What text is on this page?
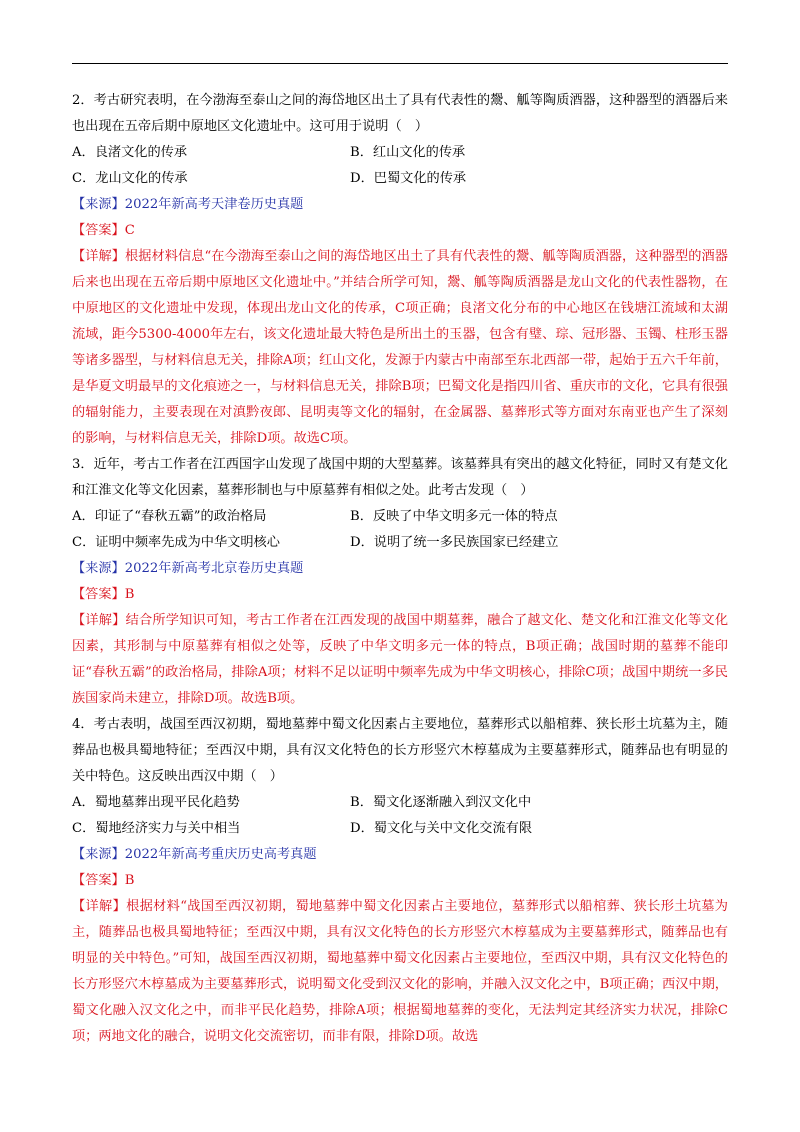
2．考古研究表明，在今渤海至泰山之间的海岱地区出土了具有代表性的鬶、觚等陶质酒器，这种器型的酒器后来也出现在五帝后期中原地区文化遗址中。这可用于说明（　）

A．良渚文化的传承	B．红山文化的传承
C．龙山文化的传承	D．巴蜀文化的传承

【来源】2022年新高考天津卷历史真题

【答案】C

【详解】根据材料信息“在今渤海至泰山之间的海岱地区出土了具有代表性的鬶、觚等陶质酒器，这种器型的酒器后来也出现在五帝后期中原地区文化遗址中。”并结合所学可知，鬶、觚等陶质酒器是龙山文化的代表性器物，在中原地区的文化遗址中发现，体现出龙山文化的传承，C项正确；良渚文化分布的中心地区在钱塘江流域和太湖流域，距今5300-4000年左右，该文化遗址最大特色是所出土的玉器，包含有璧、琮、冠形器、玉镯、柱形玉器等诸多器型，与材料信息无关，排除A项；红山文化，发源于内蒙古中南部至东北西部一带，起始于五六千年前，是华夏文明最早的文化痕迹之一，与材料信息无关，排除B项；巴蜀文化是指四川省、重庆市的文化，它具有很强的辐射能力，主要表现在对滇黔夜郎、昆明夷等文化的辐射，在金属器、墓葬形式等方面对东南亚也产生了深刻的影响，与材料信息无关，排除D项。故选C项。

3．近年，考古工作者在江西国字山发现了战国中期的大型墓葬。该墓葬具有突出的越文化特征，同时又有楚文化和江淮文化等文化因素，墓葬形制也与中原墓葬有相似之处。此考古发现（　）

A．印证了“春秋五霸”的政治格局	B．反映了中华文明多元一体的特点
C．证明中频率先成为中华文明核心	D．说明了统一多民族国家已经建立

【来源】2022年新高考北京卷历史真题

【答案】B

【详解】结合所学知识可知，考古工作者在江西发现的战国中期墓葬，融合了越文化、楚文化和江淮文化等文化因素，其形制与中原墓葬有相似之处等，反映了中华文明多元一体的特点，B项正确；战国时期的墓葬不能印证“春秋五霸”的政治格局，排除A项；材料不足以证明中频率先成为中华文明核心，排除C项；战国中期统一多民族国家尚未建立，排除D项。故选B项。

4．考古表明，战国至西汉初期，蜀地墓葬中蜀文化因素占主要地位，墓葬形式以船棺葬、狭长形土坑墓为主，随葬品也极具蜀地特征；至西汉中期，具有汉文化特色的长方形竖穴木椁墓成为主要墓葬形式，随葬品也有明显的关中特色。这反映出西汉中期（　）

A．蜀地墓葬出现平民化趋势	B．蜀文化逐渐融入到汉文化中
C．蜀地经济实力与关中相当	D．蜀文化与关中文化交流有限

【来源】2022年新高考重庆历史高考真题

【答案】B

【详解】根据材料“战国至西汉初期，蜀地墓葬中蜀文化因素占主要地位，墓葬形式以船棺葬、狭长形土坑墓为主，随葬品也极具蜀地特征；至西汉中期，具有汉文化特色的长方形竖穴木椁墓成为主要墓葬形式，随葬品也有明显的关中特色。”可知，战国至西汉初期，蜀地墓葬中蜀文化因素占主要地位，至西汉中期，具有汉文化特色的长方形竖穴木椁墓成为主要墓葬形式，说明蜀文化受到汉文化的影响，并融入汉文化之中，B项正确；西汉中期，蜀文化融入汉文化之中，而非平民化趋势，排除A项；根据蜀地墓葬的变化，无法判定其经济实力状况，排除C项；两地文化的融合，说明文化交流密切，而非有限，排除D项。故选
